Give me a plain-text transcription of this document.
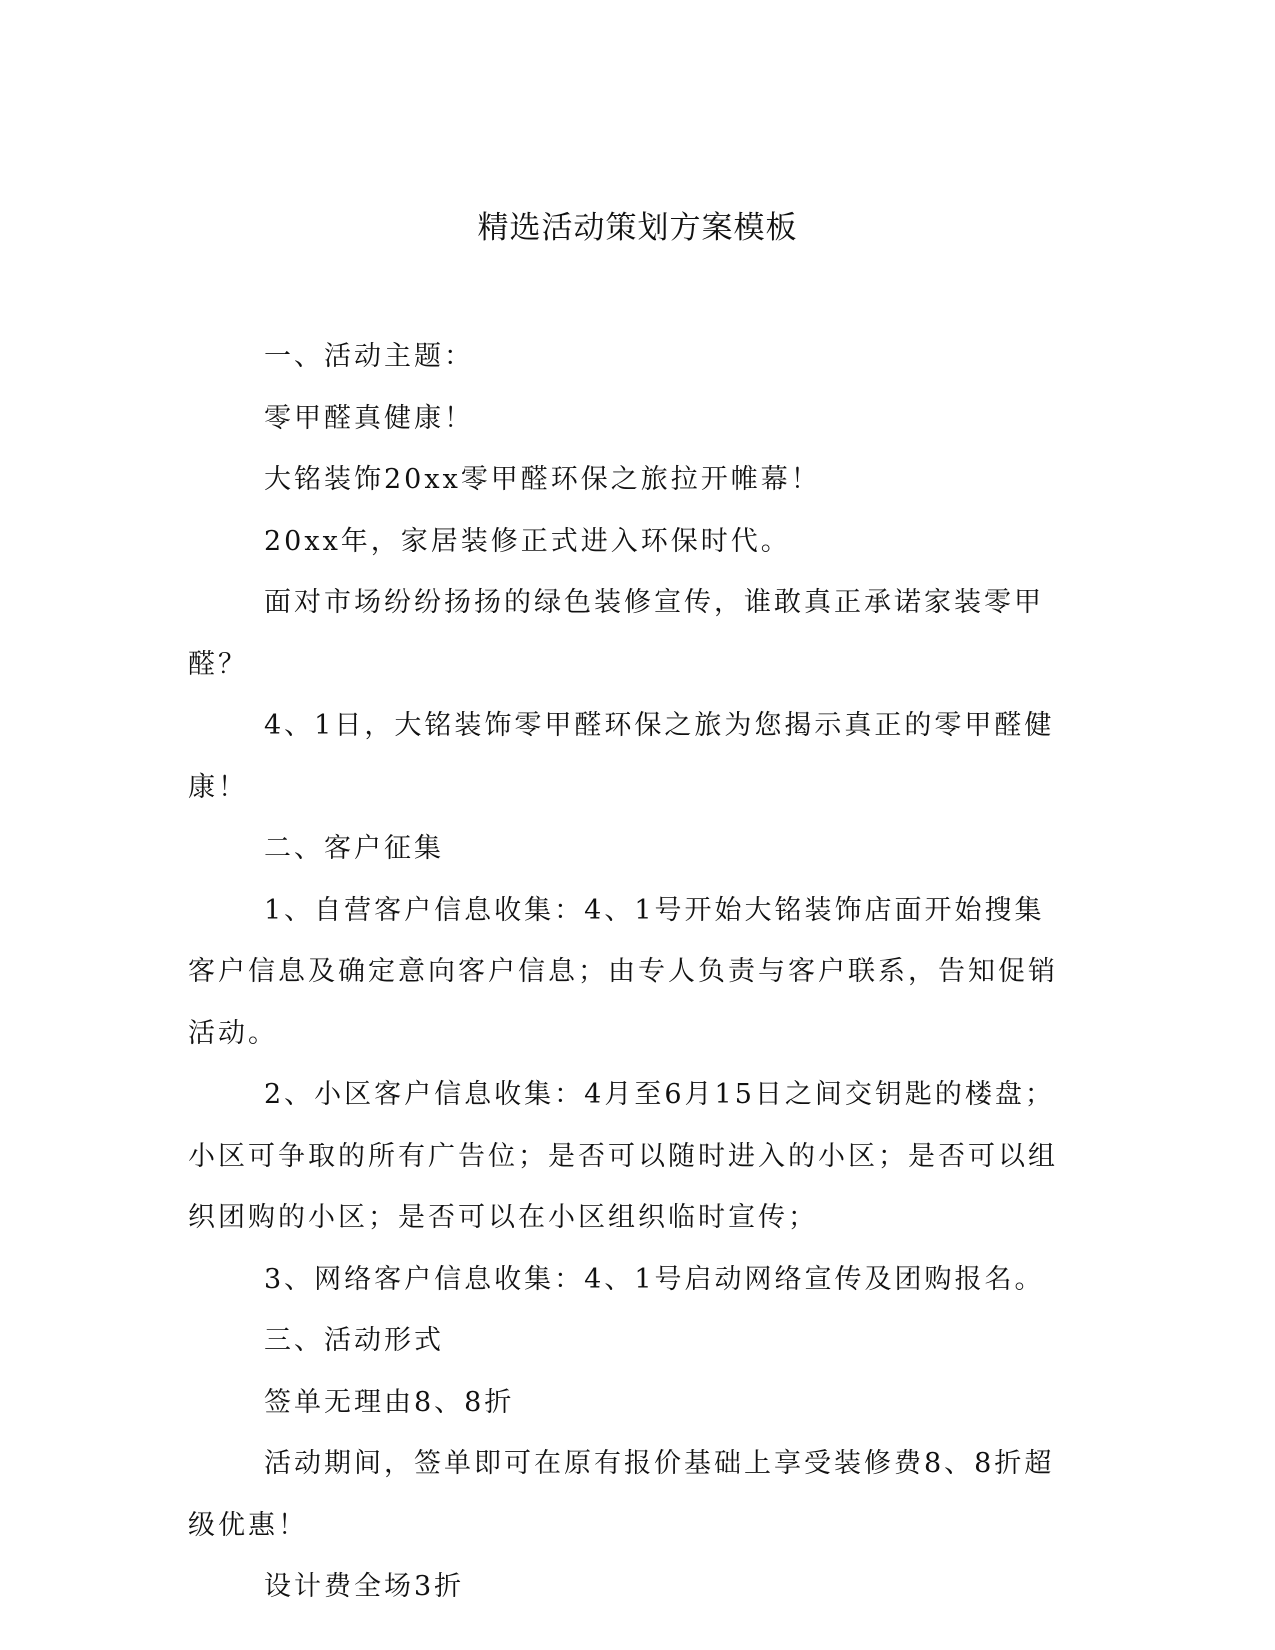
精选活动策划方案模板

一、活动主题：

零甲醛真健康！

大铭装饰20xx零甲醛环保之旅拉开帷幕！

20xx年，家居装修正式进入环保时代。

面对市场纷纷扬扬的绿色装修宣传，谁敢真正承诺家装零甲醛？

4、1日，大铭装饰零甲醛环保之旅为您揭示真正的零甲醛健康！

二、客户征集

1、自营客户信息收集：4、1号开始大铭装饰店面开始搜集客户信息及确定意向客户信息；由专人负责与客户联系，告知促销活动。

2、小区客户信息收集：4月至6月15日之间交钥匙的楼盘；小区可争取的所有广告位；是否可以随时进入的小区；是否可以组织团购的小区；是否可以在小区组织临时宣传；

3、网络客户信息收集：4、1号启动网络宣传及团购报名。

三、活动形式

签单无理由8、8折

活动期间，签单即可在原有报价基础上享受装修费8、8折超级优惠！

设计费全场3折
